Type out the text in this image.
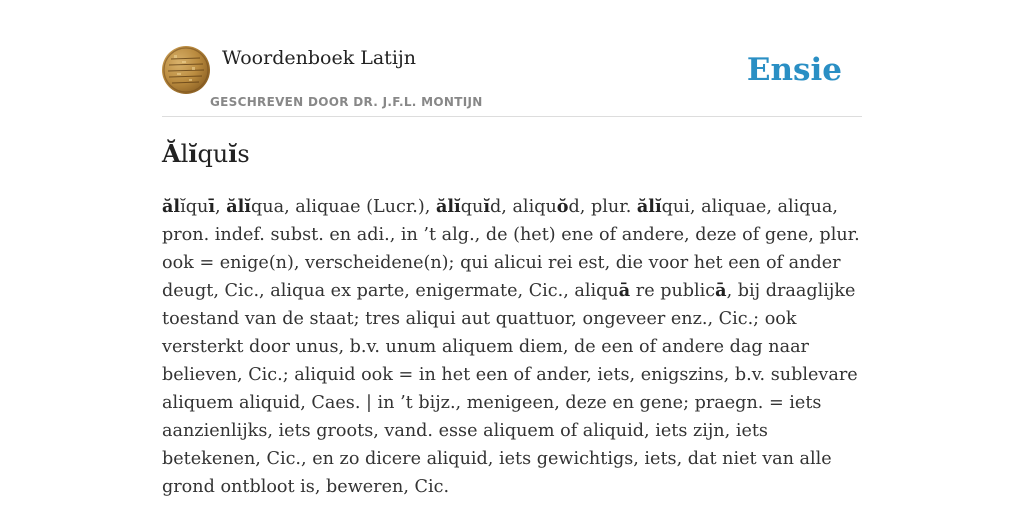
Woordenboek Latijn
GESCHREVEN DOOR DR. J.F.L. MONTIJN
Ensie
Ălĭquĭs

ălĭquī, ălĭqua, aliquae (Lucr.), ălĭquĭd, aliquŏd, plur. ălĭqui, aliquae, aliqua, pron. indef. subst. en adi., in ’t alg., de (het) ene of andere, deze of gene, plur. ook = enige(n), verscheidene(n); qui alicui rei est, die voor het een of ander deugt, Cic., aliqua ex parte, enigermate, Cic., aliquā re publicā, bij draaglijke toestand van de staat; tres aliqui aut quattuor, ongeveer enz., Cic.; ook versterkt door unus, b.v. unum aliquem diem, de een of andere dag naar believen, Cic.; aliquid ook = in het een of ander, iets, enigszins, b.v. sublevare aliquem aliquid, Caes. | in ’t bijz., menigeen, deze en gene; praegn. = iets aanzienlijks, iets groots, vand. esse aliquem of aliquid, iets zijn, iets betekenen, Cic., en zo dicere aliquid, iets gewichtigs, iets, dat niet van alle grond ontbloot is, beweren, Cic.
